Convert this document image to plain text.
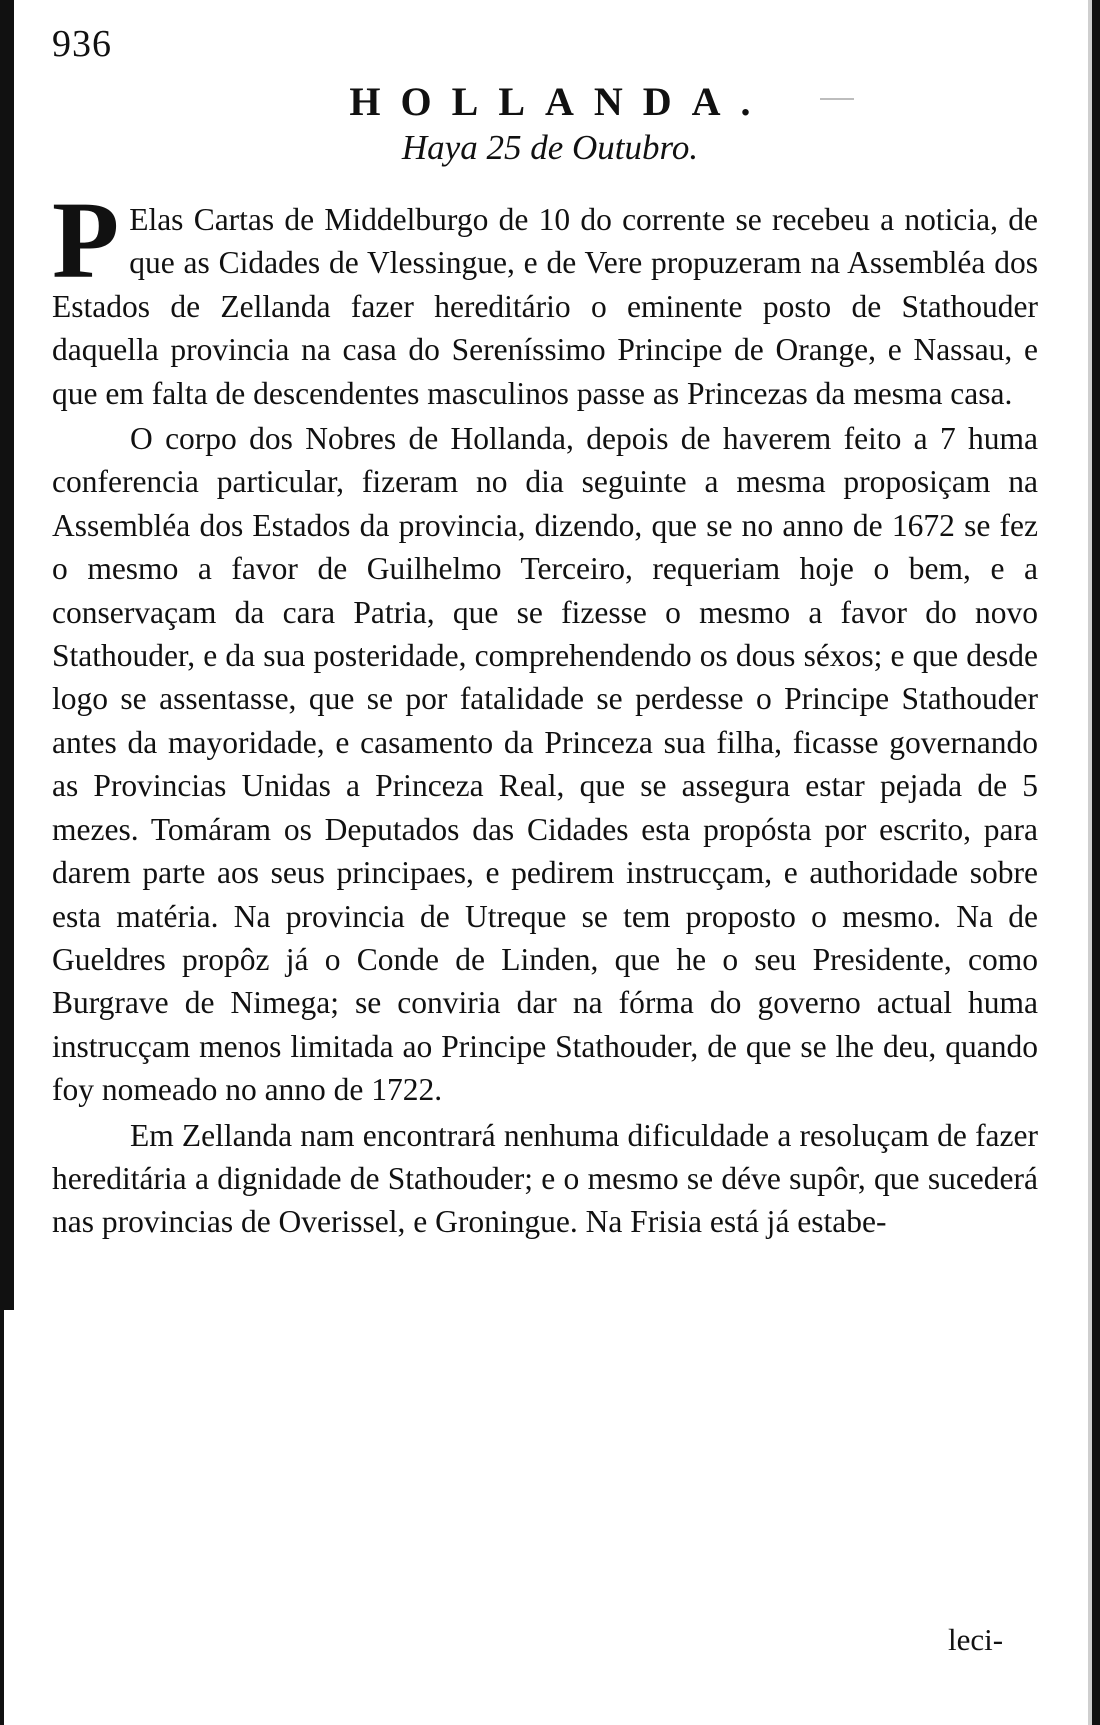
936
HOLLANDA.
Haya 25 de Outubro.

P Elas Cartas de Middelburgo de 10 do corrente se recebeu a noticia, de que as Cidades de Vlessingue, e de Vere propuzeram na Assembléa dos Estados de Zellanda fazer hereditário o eminente posto de Stathouder daquella provincia na casa do Sereníssimo Principe de Orange, e Nassau, e que em falta de descendentes masculinos passe as Princezas da mesma casa.

O corpo dos Nobres de Hollanda, depois de haverem feito a 7 huma conferencia particular, fizeram no dia seguinte a mesma proposiçam na Assembléa dos Estados da provincia, dizendo, que se no anno de 1672 se fez o mesmo a favor de Guilhelmo Terceiro, requeriam hoje o bem, e a conservaçam da cara Patria, que se fizesse o mesmo a favor do novo Stathouder, e da sua posteridade, comprehendendo os dous séxos; e que desde logo se assentasse, que se por fatalidade se perdesse o Principe Stathouder antes da mayoridade, e casamento da Princeza sua filha, ficasse governando as Provincias Unidas a Princeza Real, que se assegura estar pejada de 5 mezes. Tomáram os Deputados das Cidades esta propósta por escrito, para darem parte aos seus principaes, e pedirem instrucçam, e authoridade sobre esta matéria. Na provincia de Utreque se tem proposto o mesmo. Na de Gueldres propôz já o Conde de Linden, que he o seu Presidente, como Burgrave de Nimega; se conviria dar na fórma do governo actual huma instrucçam menos limitada ao Principe Stathouder, de que se lhe deu, quando foy nomeado no anno de 1722.

Em Zellanda nam encontrará nenhuma dificuldade a resoluçam de fazer hereditária a dignidade de Stathouder; e o mesmo se déve supôr, que sucederá nas provincias de Overissel, e Groningue. Na Frisia está já estabe-

leci-
